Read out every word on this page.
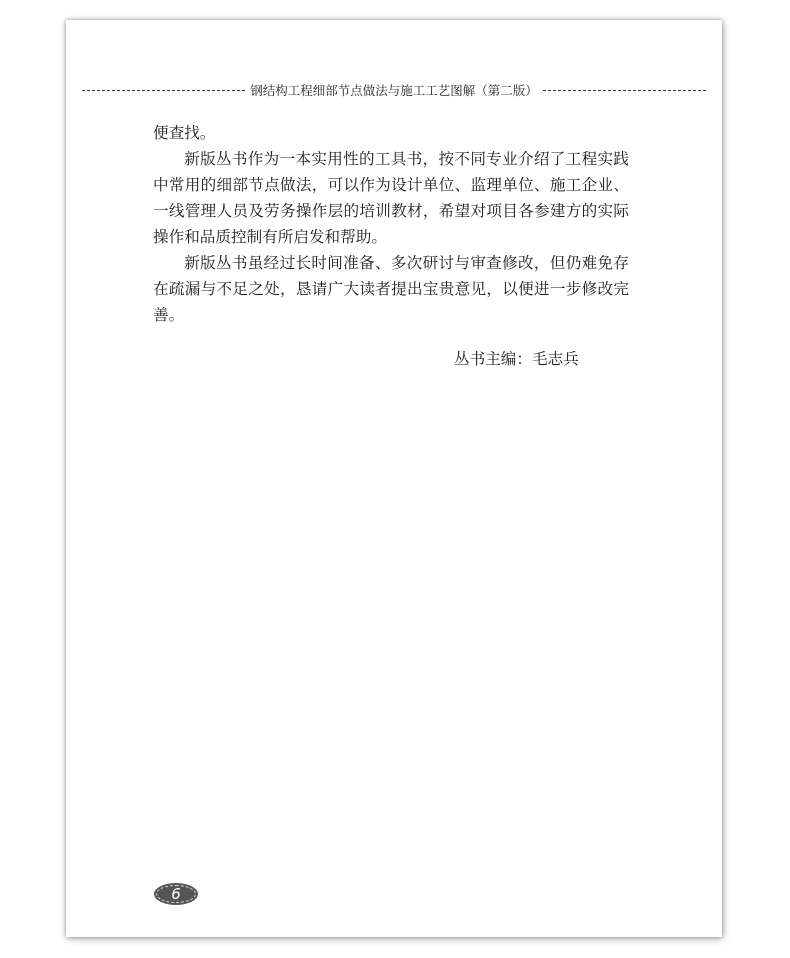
钢结构工程细部节点做法与施工工艺图解（第二版）

便查找。

新版丛书作为一本实用性的工具书，按不同专业介绍了工程实践中常用的细部节点做法，可以作为设计单位、监理单位、施工企业、一线管理人员及劳务操作层的培训教材，希望对项目各参建方的实际操作和品质控制有所启发和帮助。

新版丛书虽经过长时间准备、多次研讨与审查修改，但仍难免存在疏漏与不足之处，恳请广大读者提出宝贵意见，以便进一步修改完善。

丛书主编：毛志兵
6
